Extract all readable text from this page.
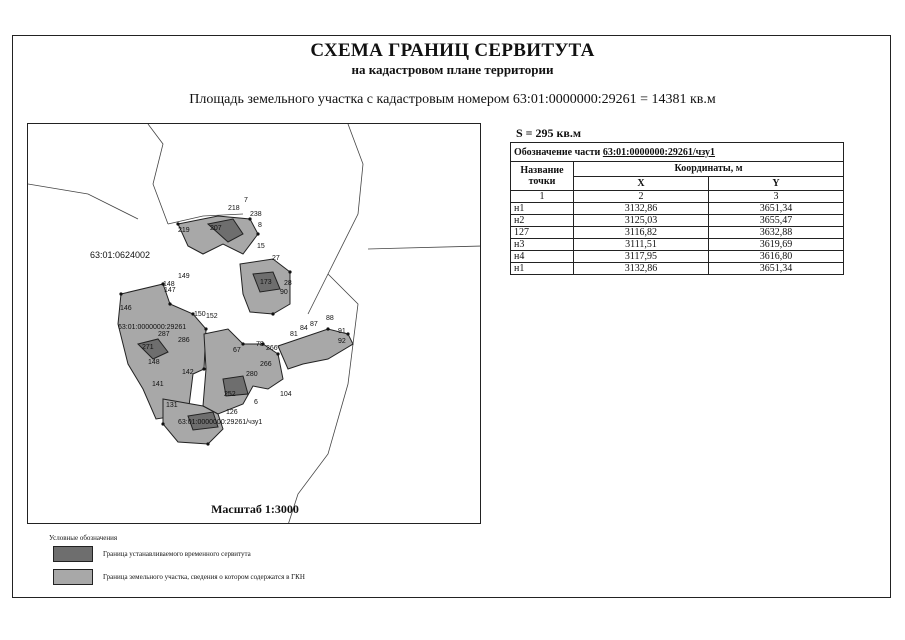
СХЕМА ГРАНИЦ СЕРВИТУТА
на кадастровом плане территории
Площадь земельного участка с кадастровым номером 63:01:0000000:29261 = 14381 кв.м
63:01:0624002
63:01:0000000:29261
63:01:0000000:29261/чзу1
7
218
238
219	207	8
15
27
149
28
146
147
148	173
150 152
90
88
91
92
81
84
87
286
287
271
148
67
78
266
280
141
142
131
266
252	104
126
6
Масштаб 1:3000
S = 295 кв.м
Обозначение части 63:01:0000000:29261/чзу1		
Название точки	Координаты, м	
	X	Y
1	2	3
н1	3132,86	3651,34
н2	3125,03	3655,47
127	3116,82	3632,88
н3	3111,51	3619,69
н4	3117,95	3616,80
н1	3132,86	3651,34
Условные обозначения
Граница устанавливаемого временного сервитута
Граница земельного участка, сведения о котором содержатся в ГКН
